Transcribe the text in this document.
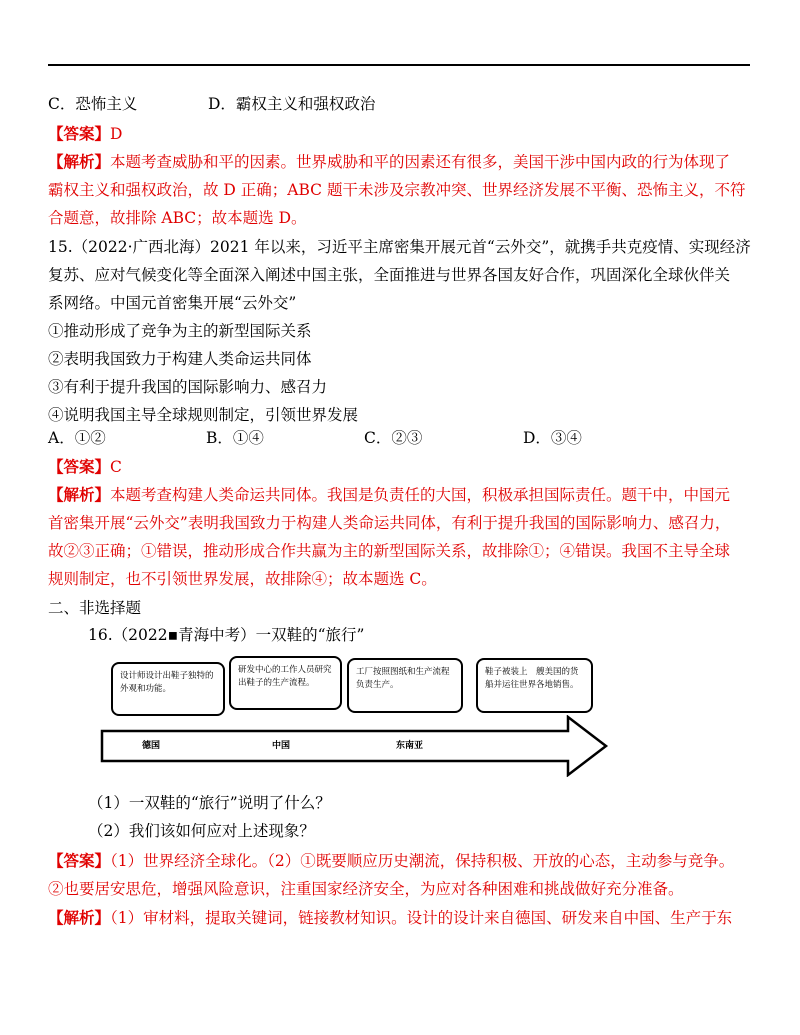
C．恐怖主义	D．霸权主义和强权政治
【答案】D
【解析】本题考查威胁和平的因素。世界威胁和平的因素还有很多，美国干涉中国内政的行为体现了
霸权主义和强权政治，故 D 正确；ABC 题干未涉及宗教冲突、世界经济发展不平衡、恐怖主义，不符
合题意，故排除 ABC；故本题选 D。
15.（2022·广西北海）2021 年以来，习近平主席密集开展元首“云外交”，就携手共克疫情、实现经济
复苏、应对气候变化等全面深入阐述中国主张，全面推进与世界各国友好合作，巩固深化全球伙伴关
系网络。中国元首密集开展“云外交”
①推动形成了竞争为主的新型国际关系
②表明我国致力于构建人类命运共同体
③有利于提升我国的国际影响力、感召力
④说明我国主导全球规则制定，引领世界发展
A．①②	B．①④	C．②③	D．③④
【答案】C
【解析】本题考查构建人类命运共同体。我国是负责任的大国，积极承担国际责任。题干中，中国元
首密集开展“云外交”表明我国致力于构建人类命运共同体，有利于提升我国的国际影响力、感召力，
故②③正确；①错误，推动形成合作共赢为主的新型国际关系，故排除①；④错误。我国不主导全球
规则制定，也不引领世界发展，故排除④；故本题选 C。
二、非选择题
16.（2022▪青海中考）一双鞋的“旅行”
设计师设计出鞋子独特的外观和功能。
研发中心的工作人员研究出鞋子的生产流程。
工厂按照图纸和生产流程负责生产。
鞋子被装上　艘美国的货船并运往世界各地销售。
德国	中国	东南亚
（1）一双鞋的“旅行”说明了什么？
（2）我们该如何应对上述现象？
【答案】（1）世界经济全球化。（2）①既要顺应历史潮流，保持积极、开放的心态，主动参与竞争。
②也要居安思危，增强风险意识，注重国家经济安全，为应对各种困难和挑战做好充分准备。
【解析】（1）审材料，提取关键词，链接教材知识。设计的设计来自德国、研发来自中国、生产于东
